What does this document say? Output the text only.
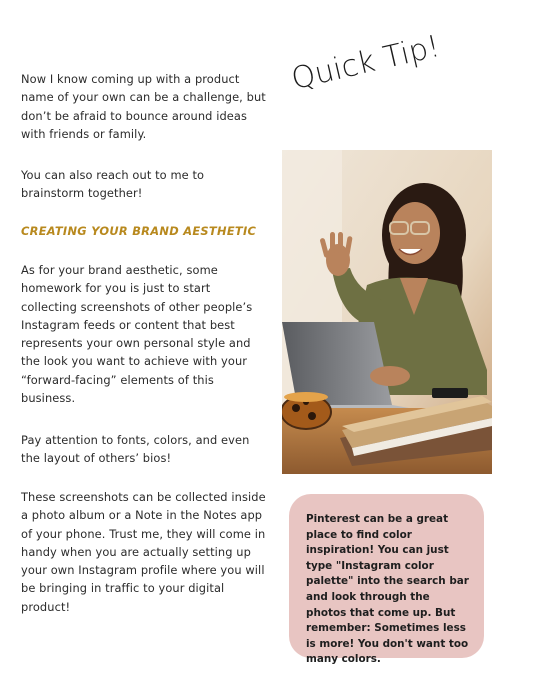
Quick Tip!

Now I know coming up with a product name of your own can be a challenge, but don’t be afraid to bounce around ideas with friends or family.

You can also reach out to me to brainstorm together!

CREATING YOUR BRAND AESTHETIC

As for your brand aesthetic, some homework for you is just to start collecting screenshots of other people’s Instagram feeds or content that best represents your own personal style and the look you want to achieve with your “forward-facing” elements of this business.

Pay attention to fonts, colors, and even the layout of others’ bios!

These screenshots can be collected inside a photo album or a Note in the Notes app of your phone. Trust me, they will come in handy when you are actually setting up your own Instagram profile where you will be bringing in traffic to your digital product!

Pinterest can be a great place to find color inspiration! You can just type "Instagram color palette" into the search bar and look through the photos that come up. But remember: Sometimes less is more! You don't want too many colors.
